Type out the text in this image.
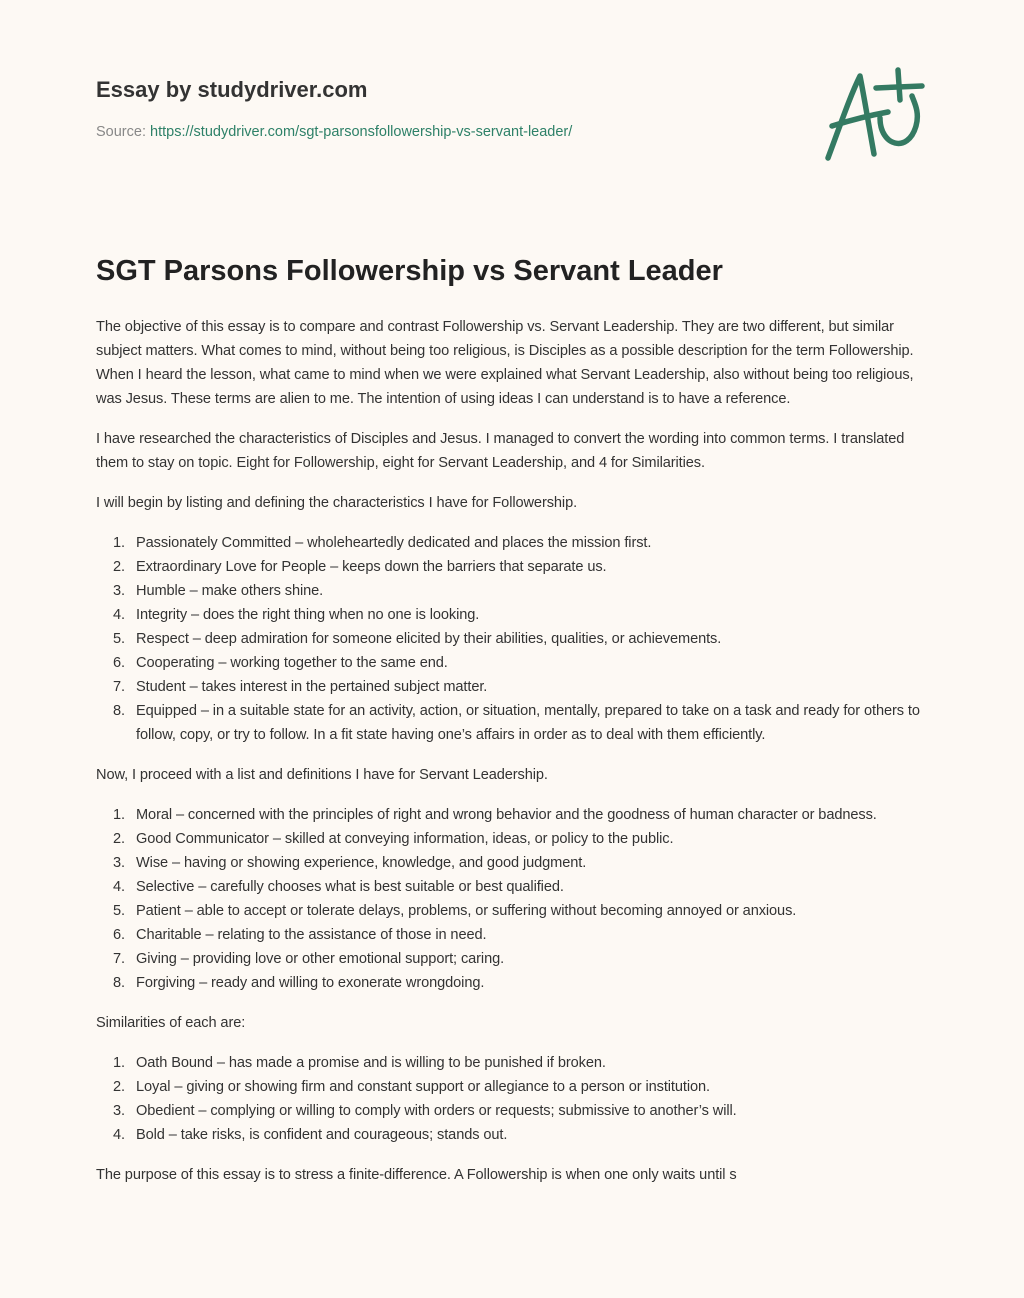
Essay by studydriver.com
Source: https://studydriver.com/sgt-parsonsfollowership-vs-servant-leader/
SGT Parsons Followership vs Servant Leader

The objective of this essay is to compare and contrast Followership vs. Servant Leadership. They are two different, but similar subject matters. What comes to mind, without being too religious, is Disciples as a possible description for the term Followership. When I heard the lesson, what came to mind when we were explained what Servant Leadership, also without being too religious, was Jesus. These terms are alien to me. The intention of using ideas I can understand is to have a reference.

I have researched the characteristics of Disciples and Jesus. I managed to convert the wording into common terms. I translated them to stay on topic. Eight for Followership, eight for Servant Leadership, and 4 for Similarities.

I will begin by listing and defining the characteristics I have for Followership.

1. Passionately Committed – wholeheartedly dedicated and places the mission first.
2. Extraordinary Love for People – keeps down the barriers that separate us.
3. Humble – make others shine.
4. Integrity – does the right thing when no one is looking.
5. Respect – deep admiration for someone elicited by their abilities, qualities, or achievements.
6. Cooperating – working together to the same end.
7. Student – takes interest in the pertained subject matter.
8. Equipped – in a suitable state for an activity, action, or situation, mentally, prepared to take on a task and ready for others to follow, copy, or try to follow. In a fit state having one’s affairs in order as to deal with them efficiently.

Now, I proceed with a list and definitions I have for Servant Leadership.

1. Moral – concerned with the principles of right and wrong behavior and the goodness of human character or badness.
2. Good Communicator – skilled at conveying information, ideas, or policy to the public.
3. Wise – having or showing experience, knowledge, and good judgment.
4. Selective – carefully chooses what is best suitable or best qualified.
5. Patient – able to accept or tolerate delays, problems, or suffering without becoming annoyed or anxious.
6. Charitable – relating to the assistance of those in need.
7. Giving – providing love or other emotional support; caring.
8. Forgiving – ready and willing to exonerate wrongdoing.

Similarities of each are:

1. Oath Bound – has made a promise and is willing to be punished if broken.
2. Loyal – giving or showing firm and constant support or allegiance to a person or institution.
3. Obedient – complying or willing to comply with orders or requests; submissive to another’s will.
4. Bold – take risks, is confident and courageous; stands out.

The purpose of this essay is to stress a finite-difference. A Followership is when one only waits until s
